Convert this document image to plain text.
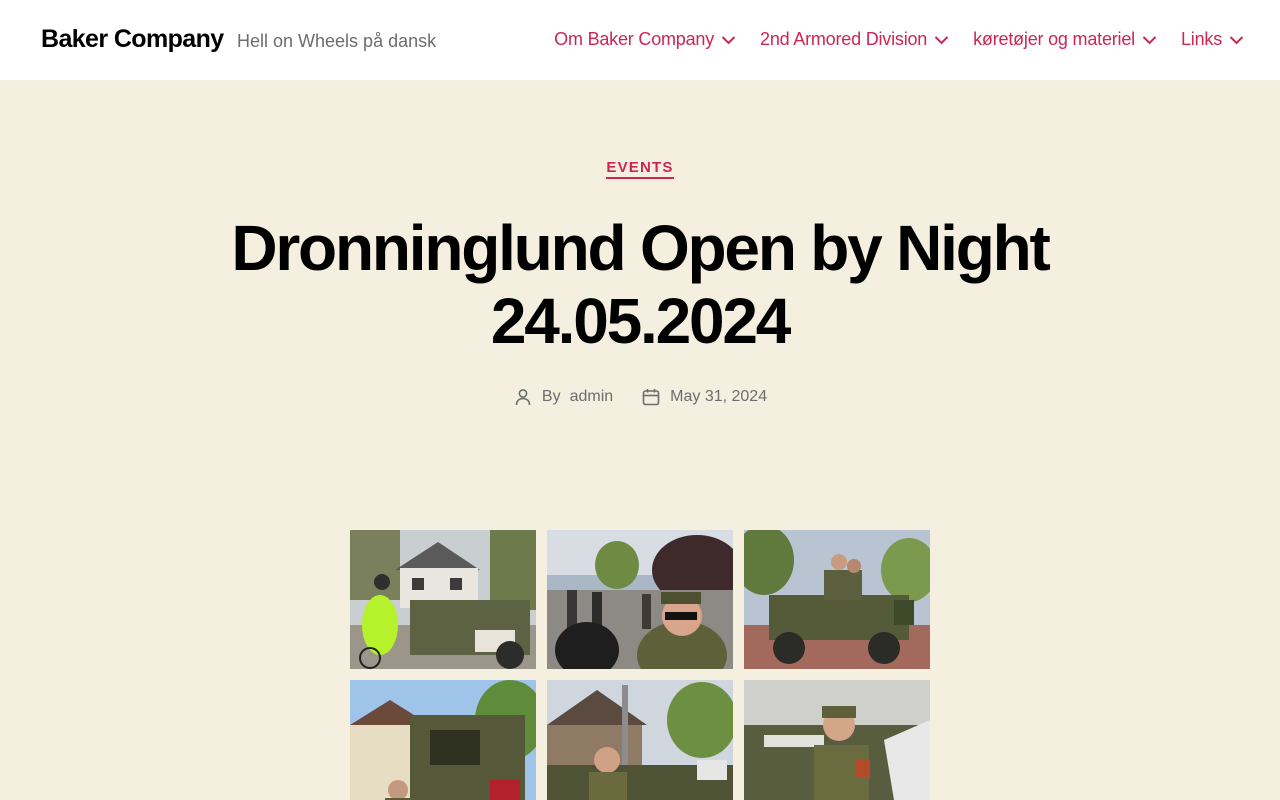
Baker Company Hell on Wheels på dansk	Om Baker Company	2nd Armored Division	køretøjer og materiel	Links
EVENTS
Dronninglund Open by Night
24.05.2024
By admin	May 31, 2024
